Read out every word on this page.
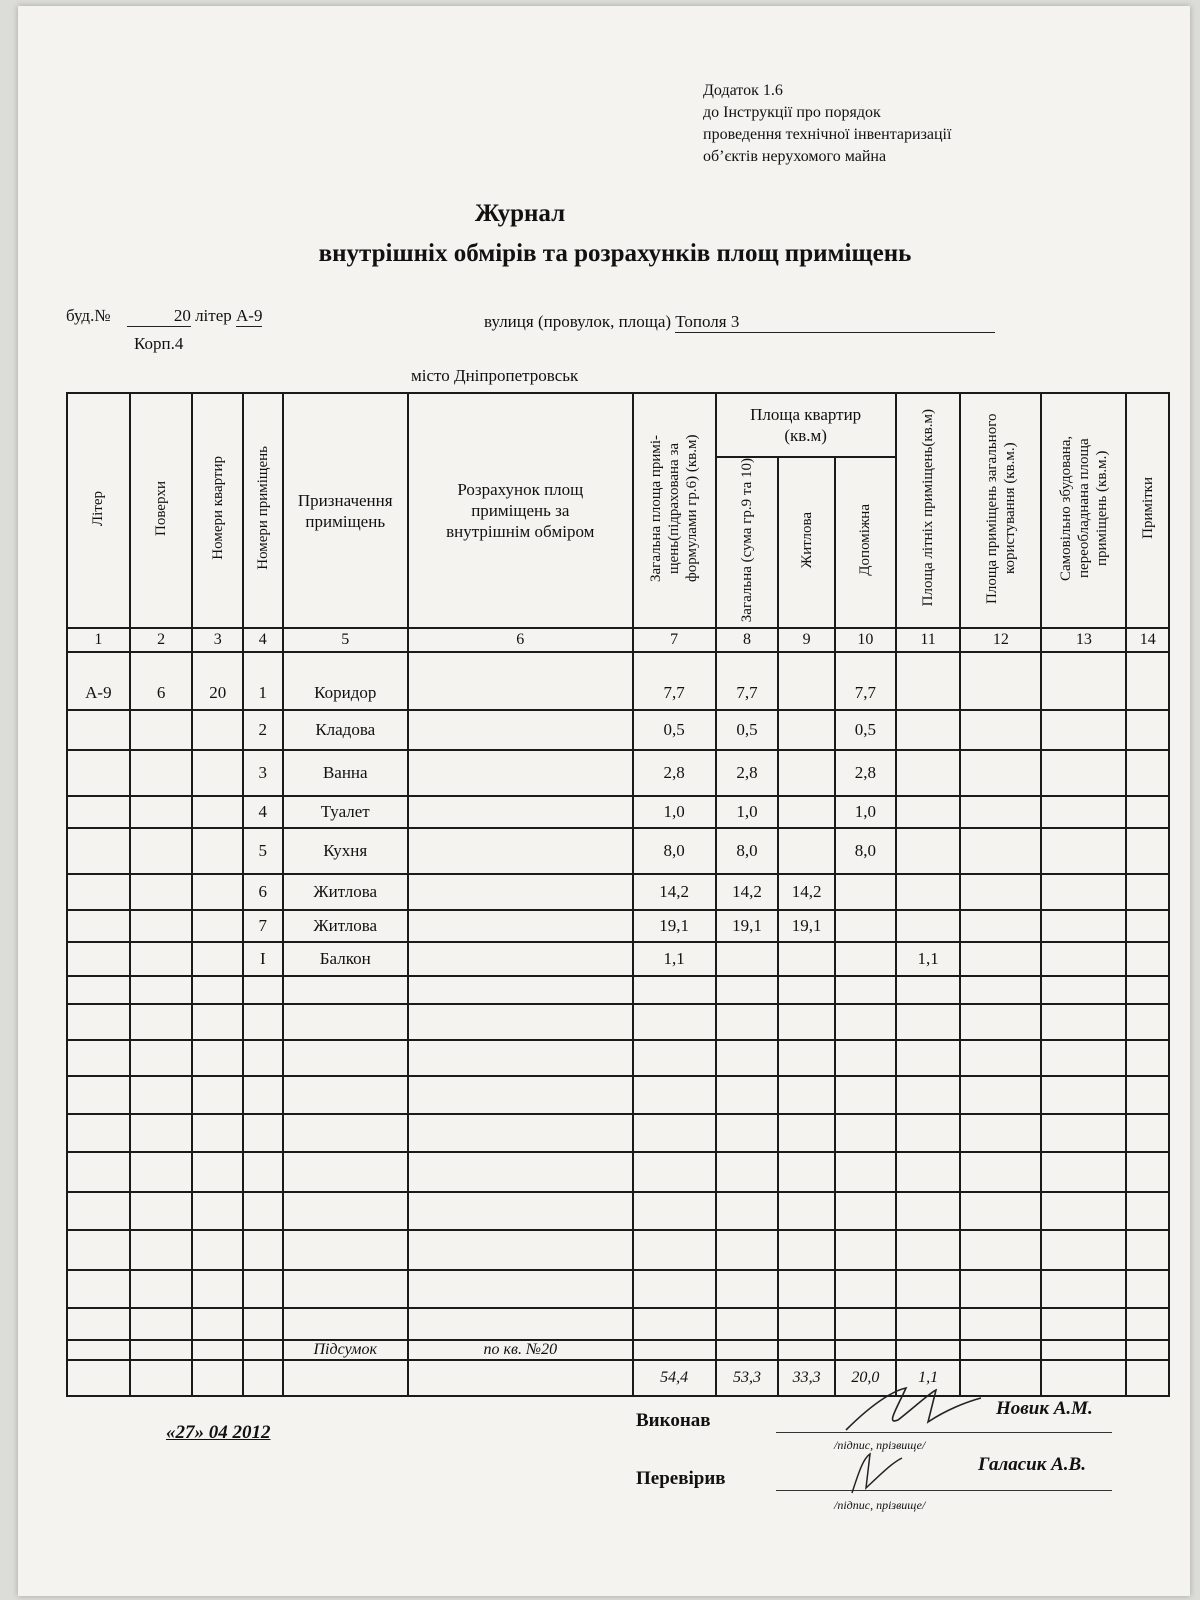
Додаток 1.6
до Інструкції про порядок
проведення технічної інвентаризації
об’єктів нерухомого майна
Журнал
внутрішніх обмірів та розрахунків площ приміщень
буд.№	20 літер А-9
Корп.4
вулиця (провулок, площа) Тополя 3
місто Дніпропетровськ
Літер	Поверхи	Номери квартир	Номери приміщень	Призначення приміщень	Розрахунок площ приміщень за внутрішнім обміром	Загальна площа примі-щень(підрахована за формулами гр.6) (кв.м)	Площа квартир (кв.м)			Площа літніх приміщень(кв.м)	Площа приміщень загального користування (кв.м.)	Самовільно збудована, переобладнана площа приміщень (кв.м.)	Примітки
							Загальна (сума гр.9 та 10)	Житлова	Допоміжна				
1	2	3	4	5	6	7	8	9	10	11	12	13	14
А-9	6	20	1	Коридор		7,7	7,7		7,7				
			2	Кладова		0,5	0,5		0,5				
			3	Ванна		2,8	2,8		2,8				
			4	Туалет		1,0	1,0		1,0				
			5	Кухня		8,0	8,0		8,0				
			6	Житлова		14,2	14,2	14,2					
			7	Житлова		19,1	19,1	19,1					
			I	Балкон		1,1				1,1			

				Підсумок	по кв. №20								
						54,4	53,3	33,3	20,0	1,1			
«27» 04 2012
Виконав
Новик А.М.
/підпис, прізвище/
Перевірив
Галасик А.В.
/підпис, прізвище/
